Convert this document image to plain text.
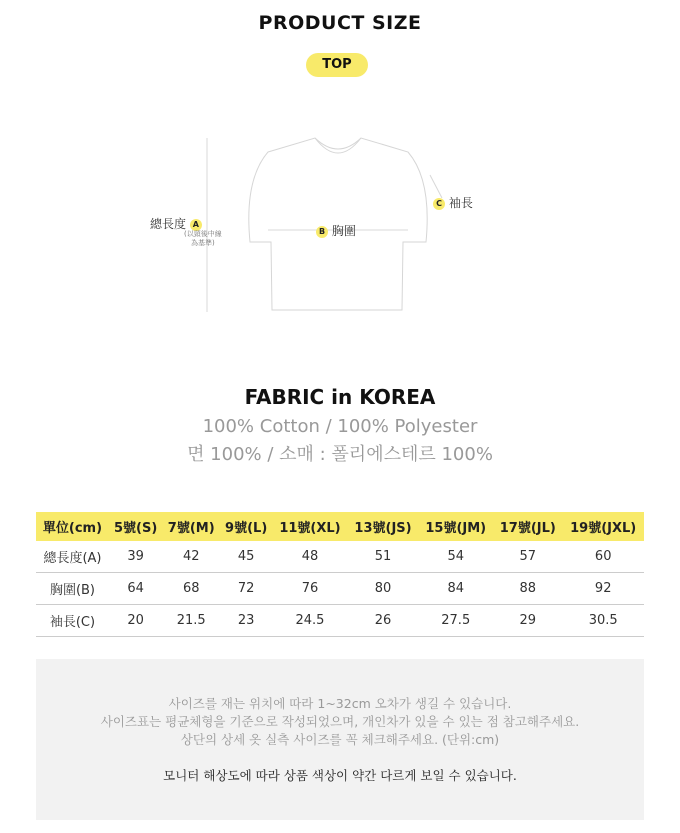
PRODUCT SIZE
TOP
總長度 A
(以頸後中線
為基準)
B 胸圍
C 袖長
FABRIC in KOREA
100% Cotton / 100% Polyester
면 100% / 소매 : 폴리에스테르 100%
單位(cm)	5號(S)	7號(M)	9號(L)	11號(XL)	13號(JS)	15號(JM)	17號(JL)	19號(JXL)
總長度(A)	39	42	45	48	51	54	57	60
胸圍(B)	64	68	72	76	80	84	88	92
袖長(C)	20	21.5	23	24.5	26	27.5	29	30.5
사이즈를 재는 위치에 따라 1~32cm 오차가 생길 수 있습니다.
사이즈표는 평균체형을 기준으로 작성되었으며, 개인차가 있을 수 있는 점 참고해주세요.
상단의 상세 옷 실측 사이즈를 꼭 체크해주세요. (단위:cm)
모니터 해상도에 따라 상품 색상이 약간 다르게 보일 수 있습니다.
